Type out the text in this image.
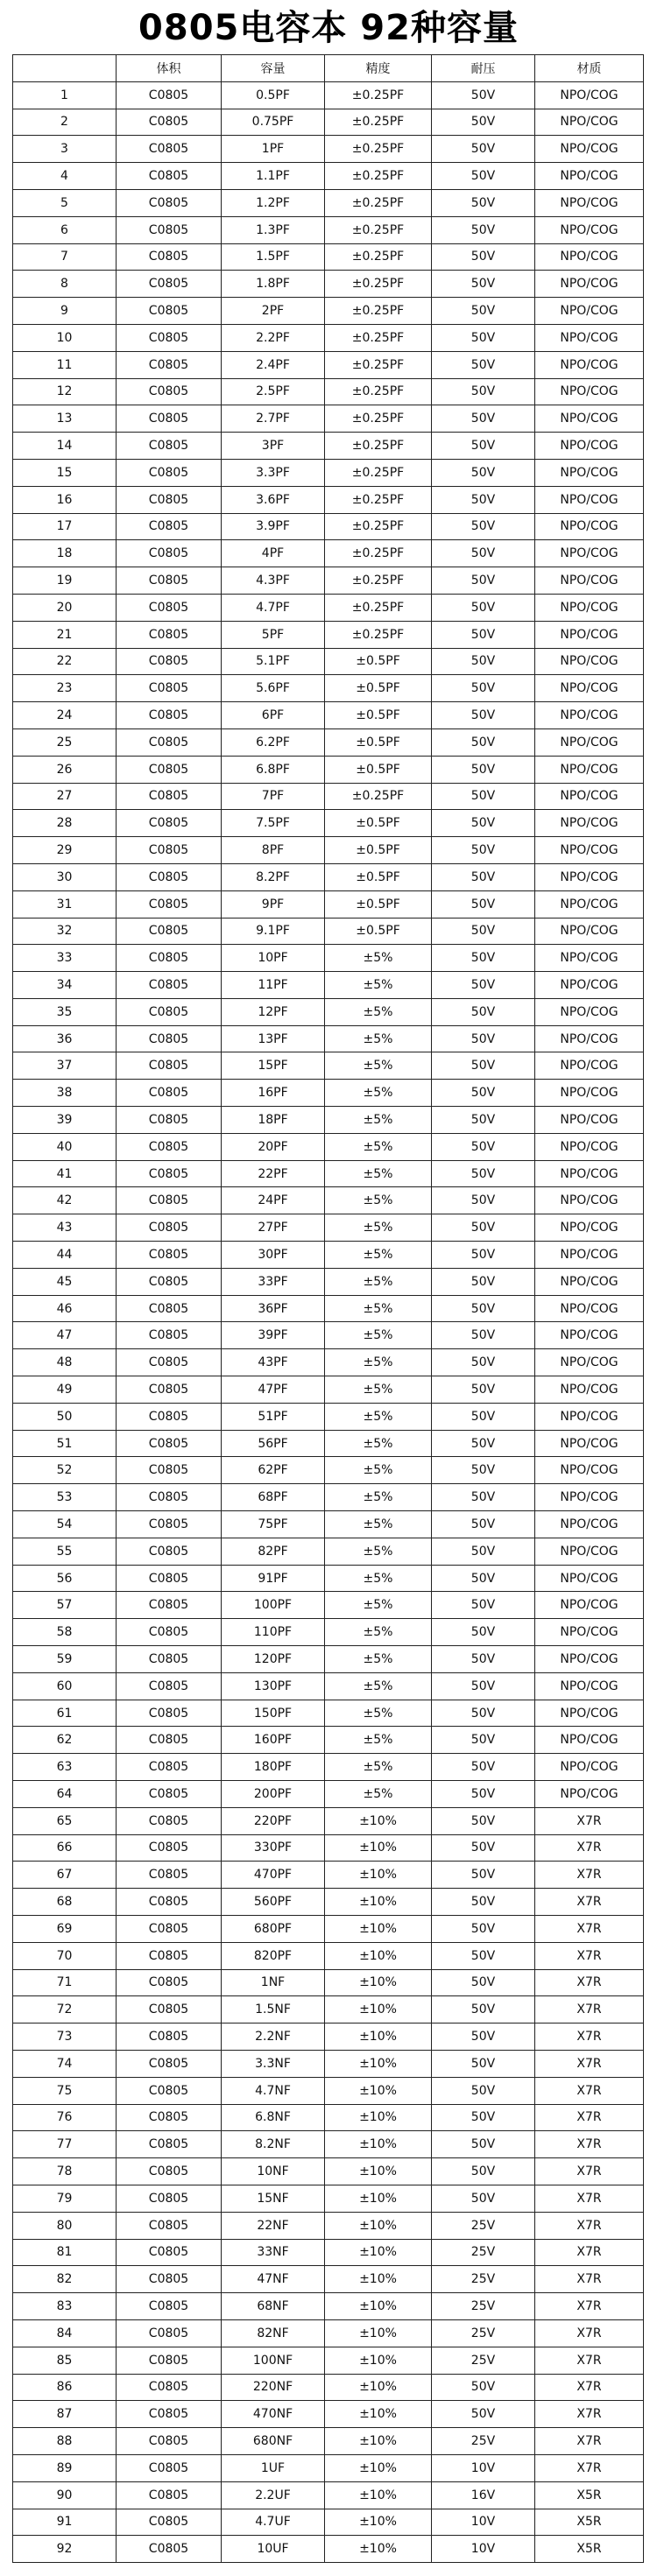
0805电容本 92种容量
	体积	容量	精度	耐压	材质
1	C0805	0.5PF	±0.25PF	50V	NPO/COG
2	C0805	0.75PF	±0.25PF	50V	NPO/COG
3	C0805	1PF	±0.25PF	50V	NPO/COG
4	C0805	1.1PF	±0.25PF	50V	NPO/COG
5	C0805	1.2PF	±0.25PF	50V	NPO/COG
6	C0805	1.3PF	±0.25PF	50V	NPO/COG
7	C0805	1.5PF	±0.25PF	50V	NPO/COG
8	C0805	1.8PF	±0.25PF	50V	NPO/COG
9	C0805	2PF	±0.25PF	50V	NPO/COG
10	C0805	2.2PF	±0.25PF	50V	NPO/COG
11	C0805	2.4PF	±0.25PF	50V	NPO/COG
12	C0805	2.5PF	±0.25PF	50V	NPO/COG
13	C0805	2.7PF	±0.25PF	50V	NPO/COG
14	C0805	3PF	±0.25PF	50V	NPO/COG
15	C0805	3.3PF	±0.25PF	50V	NPO/COG
16	C0805	3.6PF	±0.25PF	50V	NPO/COG
17	C0805	3.9PF	±0.25PF	50V	NPO/COG
18	C0805	4PF	±0.25PF	50V	NPO/COG
19	C0805	4.3PF	±0.25PF	50V	NPO/COG
20	C0805	4.7PF	±0.25PF	50V	NPO/COG
21	C0805	5PF	±0.25PF	50V	NPO/COG
22	C0805	5.1PF	±0.5PF	50V	NPO/COG
23	C0805	5.6PF	±0.5PF	50V	NPO/COG
24	C0805	6PF	±0.5PF	50V	NPO/COG
25	C0805	6.2PF	±0.5PF	50V	NPO/COG
26	C0805	6.8PF	±0.5PF	50V	NPO/COG
27	C0805	7PF	±0.25PF	50V	NPO/COG
28	C0805	7.5PF	±0.5PF	50V	NPO/COG
29	C0805	8PF	±0.5PF	50V	NPO/COG
30	C0805	8.2PF	±0.5PF	50V	NPO/COG
31	C0805	9PF	±0.5PF	50V	NPO/COG
32	C0805	9.1PF	±0.5PF	50V	NPO/COG
33	C0805	10PF	±5%	50V	NPO/COG
34	C0805	11PF	±5%	50V	NPO/COG
35	C0805	12PF	±5%	50V	NPO/COG
36	C0805	13PF	±5%	50V	NPO/COG
37	C0805	15PF	±5%	50V	NPO/COG
38	C0805	16PF	±5%	50V	NPO/COG
39	C0805	18PF	±5%	50V	NPO/COG
40	C0805	20PF	±5%	50V	NPO/COG
41	C0805	22PF	±5%	50V	NPO/COG
42	C0805	24PF	±5%	50V	NPO/COG
43	C0805	27PF	±5%	50V	NPO/COG
44	C0805	30PF	±5%	50V	NPO/COG
45	C0805	33PF	±5%	50V	NPO/COG
46	C0805	36PF	±5%	50V	NPO/COG
47	C0805	39PF	±5%	50V	NPO/COG
48	C0805	43PF	±5%	50V	NPO/COG
49	C0805	47PF	±5%	50V	NPO/COG
50	C0805	51PF	±5%	50V	NPO/COG
51	C0805	56PF	±5%	50V	NPO/COG
52	C0805	62PF	±5%	50V	NPO/COG
53	C0805	68PF	±5%	50V	NPO/COG
54	C0805	75PF	±5%	50V	NPO/COG
55	C0805	82PF	±5%	50V	NPO/COG
56	C0805	91PF	±5%	50V	NPO/COG
57	C0805	100PF	±5%	50V	NPO/COG
58	C0805	110PF	±5%	50V	NPO/COG
59	C0805	120PF	±5%	50V	NPO/COG
60	C0805	130PF	±5%	50V	NPO/COG
61	C0805	150PF	±5%	50V	NPO/COG
62	C0805	160PF	±5%	50V	NPO/COG
63	C0805	180PF	±5%	50V	NPO/COG
64	C0805	200PF	±5%	50V	NPO/COG
65	C0805	220PF	±10%	50V	X7R
66	C0805	330PF	±10%	50V	X7R
67	C0805	470PF	±10%	50V	X7R
68	C0805	560PF	±10%	50V	X7R
69	C0805	680PF	±10%	50V	X7R
70	C0805	820PF	±10%	50V	X7R
71	C0805	1NF	±10%	50V	X7R
72	C0805	1.5NF	±10%	50V	X7R
73	C0805	2.2NF	±10%	50V	X7R
74	C0805	3.3NF	±10%	50V	X7R
75	C0805	4.7NF	±10%	50V	X7R
76	C0805	6.8NF	±10%	50V	X7R
77	C0805	8.2NF	±10%	50V	X7R
78	C0805	10NF	±10%	50V	X7R
79	C0805	15NF	±10%	50V	X7R
80	C0805	22NF	±10%	25V	X7R
81	C0805	33NF	±10%	25V	X7R
82	C0805	47NF	±10%	25V	X7R
83	C0805	68NF	±10%	25V	X7R
84	C0805	82NF	±10%	25V	X7R
85	C0805	100NF	±10%	25V	X7R
86	C0805	220NF	±10%	50V	X7R
87	C0805	470NF	±10%	50V	X7R
88	C0805	680NF	±10%	25V	X7R
89	C0805	1UF	±10%	10V	X7R
90	C0805	2.2UF	±10%	16V	X5R
91	C0805	4.7UF	±10%	10V	X5R
92	C0805	10UF	±10%	10V	X5R
